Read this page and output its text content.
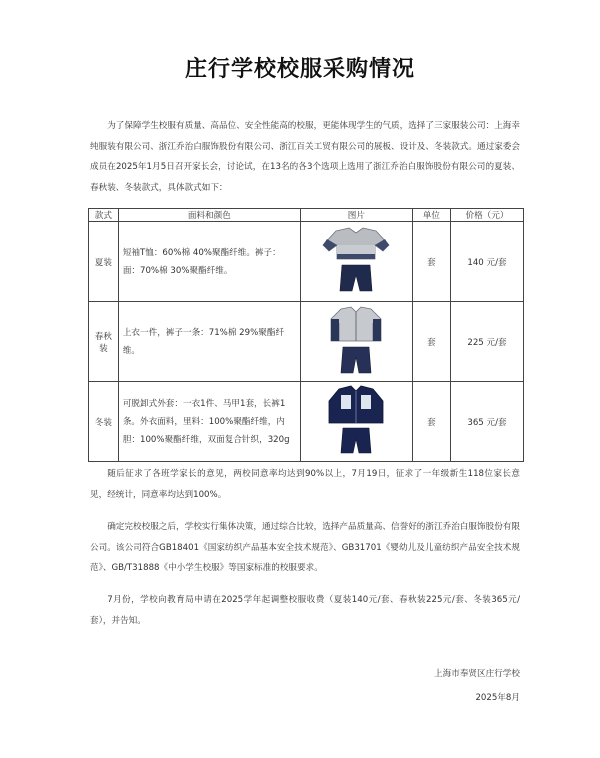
庄行学校校服采购情况
为了保障学生校服有质量、高品位、安全性能高的校服，更能体现学生的气质，选择了三家服装公司：上海幸纯服装有限公司、浙江乔治白服饰股份有限公司、浙江百关工贸有限公司的展板、设计及、冬装款式。通过家委会成员在2025年1月5日召开家长会，讨论试，在13名的各3个选项上选用了浙江乔治白服饰股份有限公司的夏装、春秋装、冬装款式，具体款式如下：
款式	面料和颜色	图片	单位	价格（元）
夏装	短袖T恤：60%棉 40%聚酯纤维。裤子：面：70%棉 30%聚酯纤维。		套	140 元/套
春秋装	上衣一件，裤子一条：71%棉 29%聚酯纤维。		套	225 元/套
冬装	可脱卸式外套：一衣1件、马甲1套，长裤1条。外衣面料，里料：100%聚酯纤维，内胆：100%聚酯纤维，双面复合针织，320g		套	365 元/套
随后征求了各班学家长的意见，两校同意率均达到90%以上，7月19日，征求了一年级新生118位家长意见，经统计，同意率均达到100%。
确定完校校服之后，学校实行集体决策，通过综合比较，选择产品质量高、信誉好的浙江乔治白服饰股份有限公司。该公司符合GB18401《国家纺织产品基本安全技术规范》、GB31701《婴幼儿及儿童纺织产品安全技术规范》、GB/T31888《中小学生校服》等国家标准的校服要求。
7月份，学校向教育局申请在2025学年起调整校服收费（夏装140元/套、春秋装225元/套、冬装365元/套），并告知。
上海市奉贤区庄行学校
2025年8月
